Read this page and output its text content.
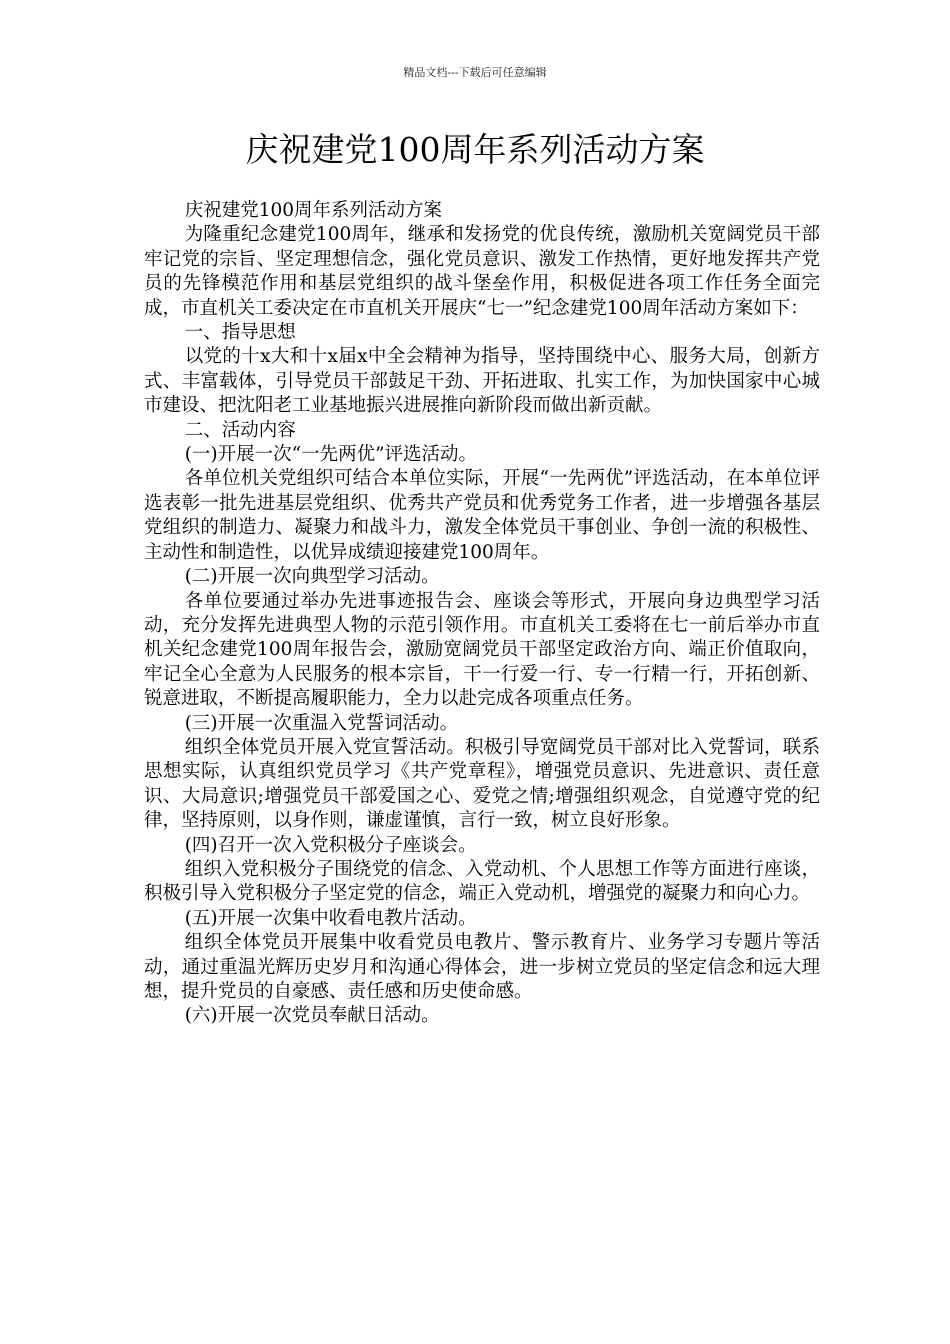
精品文档---下载后可任意编辑
庆祝建党100周年系列活动方案

庆祝建党100周年系列活动方案

为隆重纪念建党100周年，继承和发扬党的优良传统，激励机关宽阔党员干部牢记党的宗旨、坚定理想信念，强化党员意识、激发工作热情，更好地发挥共产党员的先锋模范作用和基层党组织的战斗堡垒作用，积极促进各项工作任务全面完成，市直机关工委决定在市直机关开展庆“七一”纪念建党100周年活动方案如下：

一、指导思想

以党的十x大和十x届x中全会精神为指导，坚持围绕中心、服务大局，创新方式、丰富载体，引导党员干部鼓足干劲、开拓进取、扎实工作，为加快国家中心城市建设、把沈阳老工业基地振兴进展推向新阶段而做出新贡献。

二、活动内容

(一)开展一次“一先两优”评选活动。

各单位机关党组织可结合本单位实际，开展“一先两优”评选活动，在本单位评选表彰一批先进基层党组织、优秀共产党员和优秀党务工作者，进一步增强各基层党组织的制造力、凝聚力和战斗力，激发全体党员干事创业、争创一流的积极性、主动性和制造性，以优异成绩迎接建党100周年。

(二)开展一次向典型学习活动。

各单位要通过举办先进事迹报告会、座谈会等形式，开展向身边典型学习活动，充分发挥先进典型人物的示范引领作用。市直机关工委将在七一前后举办市直机关纪念建党100周年报告会，激励宽阔党员干部坚定政治方向、端正价值取向，牢记全心全意为人民服务的根本宗旨，干一行爱一行、专一行精一行，开拓创新、锐意进取，不断提高履职能力，全力以赴完成各项重点任务。

(三)开展一次重温入党誓词活动。

组织全体党员开展入党宣誓活动。积极引导宽阔党员干部对比入党誓词，联系思想实际，认真组织党员学习《共产党章程》，增强党员意识、先进意识、责任意识、大局意识;增强党员干部爱国之心、爱党之情;增强组织观念，自觉遵守党的纪律，坚持原则，以身作则，谦虚谨慎，言行一致，树立良好形象。

(四)召开一次入党积极分子座谈会。

组织入党积极分子围绕党的信念、入党动机、个人思想工作等方面进行座谈，积极引导入党积极分子坚定党的信念，端正入党动机，增强党的凝聚力和向心力。

(五)开展一次集中收看电教片活动。

组织全体党员开展集中收看党员电教片、警示教育片、业务学习专题片等活动，通过重温光辉历史岁月和沟通心得体会，进一步树立党员的坚定信念和远大理想，提升党员的自豪感、责任感和历史使命感。

(六)开展一次党员奉献日活动。
